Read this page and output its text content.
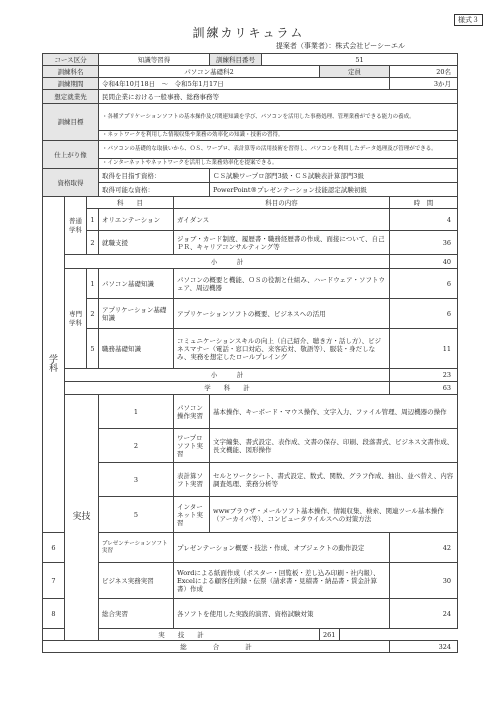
様式３
訓練カリキュラム
提案者（事業者）：株式会社ピーシーエル
コース区分			知識等習得		訓練科目番号	51			
訓練科名			パソコン基礎科2				定員	20名	
訓練期間			令和4年10月18日　～　令和5年1月17日					3か月	
想定就業先			民間企業における一般事務、総務事務等						
訓練目標			・各種アプリケーションソフトの基本操作及び関連知識を学び、パソコンを活用した事務処理、管理業務ができる能力の養成。						
			・ネットワークを利用した情報収集や業務の効率化の知識・技術の習得。						
仕上がり像			・パソコンの基礎的な取扱いから、ＯＳ、ワープロ、表計算等の活用技術を習得し、パソコンを利用したデータ処理及び管理ができる。						
			・インターネットやネットワークを活用した業務効率化を提案できる。						
資格取得			取得を目指す資格：		ＣＳ試験ワープロ部門3級・ＣＳ試験表計算部門3級				
			取得可能な資格：		PowerPoint®プレゼンテーション技能認定試験初級				
学科	普通学科	科　　目		科目の内容				時　間	
		1	オリエンテーション	ガイダンス				4	
		2	就職支援	ジョブ・カード制度、履歴書・職務経歴書の作成、面接について、自己ＰＲ、キャリアコンサルティング等				36	
	小　　　計							40	
	専門学科	1	パソコン基礎知識	パソコンの概要と機能、ＯＳの役割と仕組み、ハードウェア・ソフトウェア、周辺機器				6	
		2	アプリケーション基礎知識	アプリケーションソフトの概要、ビジネスへの活用				6	
		5	職務基礎知識	コミュニケーションスキルの向上（自己紹介、聴き方・話し方）、ビジネスマナー（電話・窓口対応、来客応対、敬語等）、服装・身だしなみ、実務を想定したロールプレイング				11	
	小　　　計							23	
	学　　科　　計							63	
	実技		1	パソコン操作実習	基本操作、キーボード・マウス操作、文字入力、ファイル管理、周辺機器の操作	
			2	ワープロソフト実習	文字編集、書式設定、表作成、文書の保存、印刷、段落書式、ビジネス文書作成、長文機能、図形操作	
			3	表計算ソフト実習	セルとワークシート、書式設定、数式、関数、グラフ作成、抽出、並べ替え、内容調査処理、業務分析等	
			5	インターネット実習	wwwブラウザ・メールソフト基本操作、情報収集、検索、関連ツール基本操作（アーカイバ等）、コンピュータウイルスへの対策方法	
6			プレゼンテーションソフト実習	プレゼンテーション概要・技法・作成、オブジェクトの動作設定				42	
7			ビジネス実務実習	Wordによる紙面作成（ポスター・回覧板・差し込み印刷・社内報）、Excelによる顧客住所録・伝票（請求書・見積書・納品書・賃金計算書）作成				30	
8			総合実習	各ソフトを使用した実践的演習、資格試験対策				24	
実　　技　　計							261		
総　　　　合　　　　計								324	
